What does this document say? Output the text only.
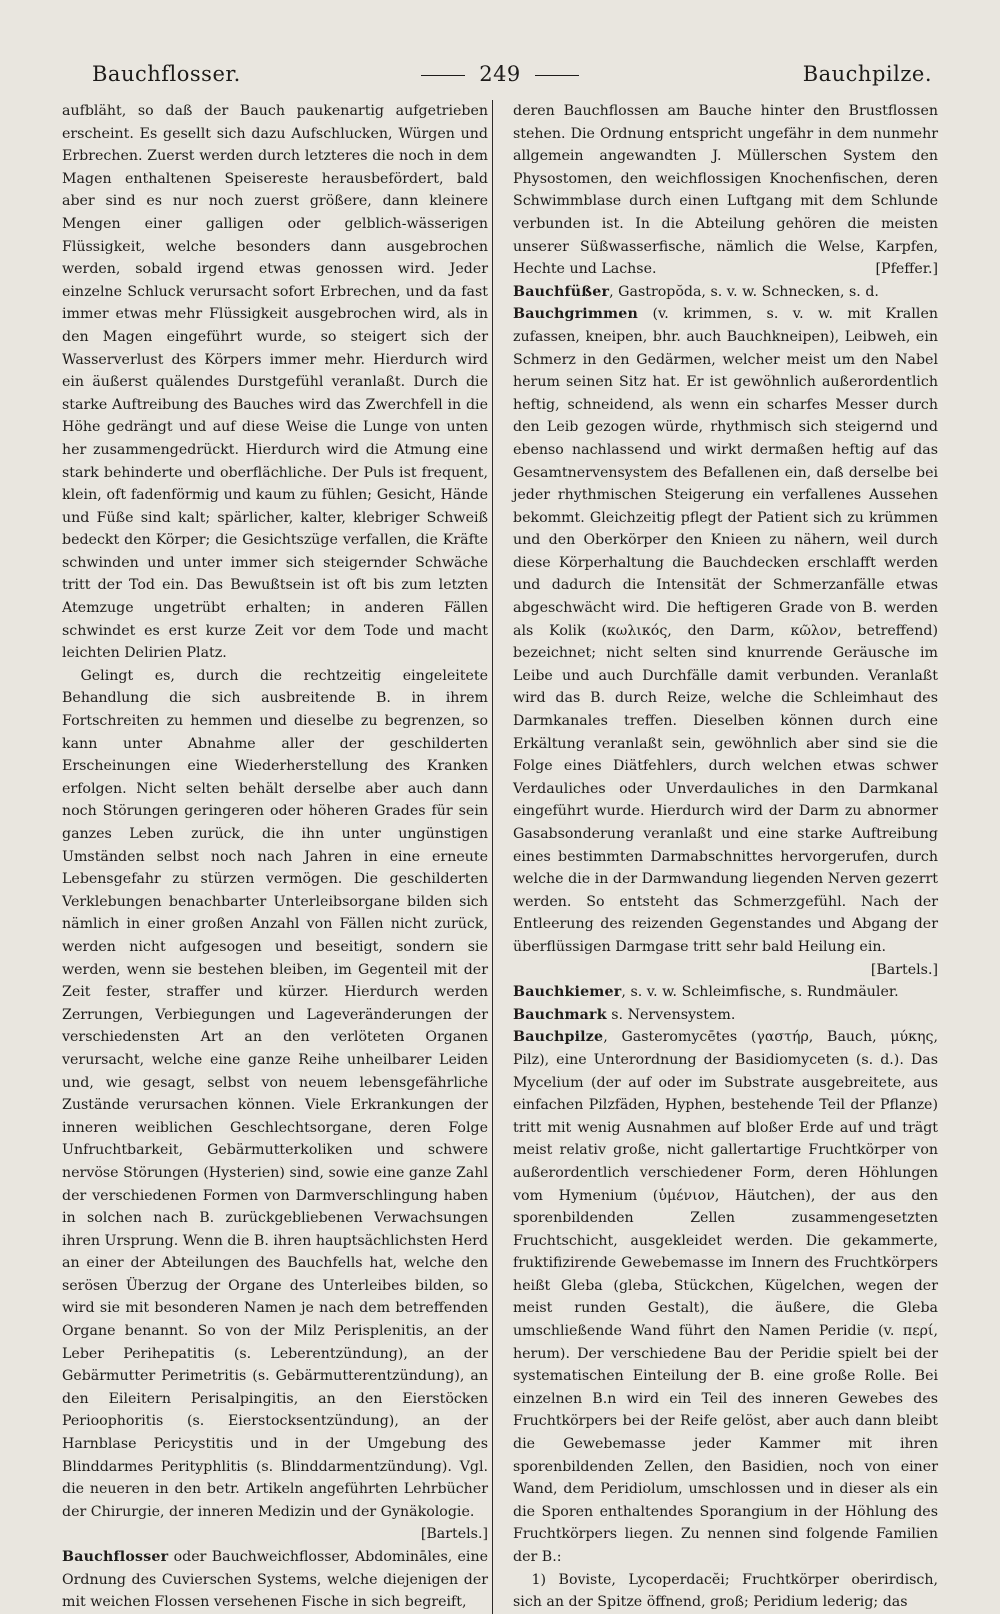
Bauchflosser.	249	Bauchpilze.

aufbläht, so daß der Bauch paukenartig aufgetrieben erscheint. Es gesellt sich dazu Aufschlucken, Würgen und Erbrechen. Zuerst werden durch letzteres die noch in dem Magen enthaltenen Speisereste herausbefördert, bald aber sind es nur noch zuerst größere, dann kleinere Mengen einer galligen oder gelblich-wässerigen Flüssigkeit, welche besonders dann ausgebrochen werden, sobald irgend etwas genossen wird. Jeder einzelne Schluck verursacht sofort Erbrechen, und da fast immer etwas mehr Flüssigkeit ausgebrochen wird, als in den Magen eingeführt wurde, so steigert sich der Wasserverlust des Körpers immer mehr. Hierdurch wird ein äußerst quälendes Durstgefühl veranlaßt. Durch die starke Auftreibung des Bauches wird das Zwerchfell in die Höhe gedrängt und auf diese Weise die Lunge von unten her zusammengedrückt. Hierdurch wird die Atmung eine stark behinderte und oberflächliche. Der Puls ist frequent, klein, oft fadenförmig und kaum zu fühlen; Gesicht, Hände und Füße sind kalt; spärlicher, kalter, klebriger Schweiß bedeckt den Körper; die Gesichtszüge verfallen, die Kräfte schwinden und unter immer sich steigernder Schwäche tritt der Tod ein. Das Bewußtsein ist oft bis zum letzten Atemzuge ungetrübt erhalten; in anderen Fällen schwindet es erst kurze Zeit vor dem Tode und macht leichten Delirien Platz.

Gelingt es, durch die rechtzeitig eingeleitete Behandlung die sich ausbreitende B. in ihrem Fortschreiten zu hemmen und dieselbe zu begrenzen, so kann unter Abnahme aller der geschilderten Erscheinungen eine Wiederherstellung des Kranken erfolgen. Nicht selten behält derselbe aber auch dann noch Störungen geringeren oder höheren Grades für sein ganzes Leben zurück, die ihn unter ungünstigen Umständen selbst noch nach Jahren in eine erneute Lebensgefahr zu stürzen vermögen. Die geschilderten Verklebungen benachbarter Unterleibsorgane bilden sich nämlich in einer großen Anzahl von Fällen nicht zurück, werden nicht aufgesogen und beseitigt, sondern sie werden, wenn sie bestehen bleiben, im Gegenteil mit der Zeit fester, straffer und kürzer. Hierdurch werden Zerrungen, Verbiegungen und Lageveränderungen der verschiedensten Art an den verlöteten Organen verursacht, welche eine ganze Reihe unheilbarer Leiden und, wie gesagt, selbst von neuem lebensgefährliche Zustände verursachen können. Viele Erkrankungen der inneren weiblichen Geschlechtsorgane, deren Folge Unfruchtbarkeit, Gebärmutterkoliken und schwere nervöse Störungen (Hysterien) sind, sowie eine ganze Zahl der verschiedenen Formen von Darmverschlingung haben in solchen nach B. zurückgebliebenen Verwachsungen ihren Ursprung. Wenn die B. ihren hauptsächlichsten Herd an einer der Abteilungen des Bauchfells hat, welche den serösen Überzug der Organe des Unterleibes bilden, so wird sie mit besonderen Namen je nach dem betreffenden Organe benannt. So von der Milz Perisplenitis, an der Leber Perihepatitis (s. Leberentzündung), an der Gebärmutter Perimetritis (s. Gebärmutterentzündung), an den Eileitern Perisalpingitis, an den Eierstöcken Perioophoritis (s. Eierstocksentzündung), an der Harnblase Pericystitis und in der Umgebung des Blinddarmes Perityphlitis (s. Blinddarmentzündung). Vgl. die neueren in den betr. Artikeln angeführten Lehrbücher der Chirurgie, der inneren Medizin und der Gynäkologie.
[Bartels.]

Bauchflosser oder Bauchweichflosser, Abdomināles, eine Ordnung des Cuvierschen Systems, welche diejenigen der mit weichen Flossen versehenen Fische in sich begreift,

deren Bauchflossen am Bauche hinter den Brustflossen stehen. Die Ordnung entspricht ungefähr in dem nunmehr allgemein angewandten J. Müllerschen System den Physostomen, den weichflossigen Knochenfischen, deren Schwimmblase durch einen Luftgang mit dem Schlunde verbunden ist. In die Abteilung gehören die meisten unserer Süßwasserfische, nämlich die Welse, Karpfen, Hechte und Lachse.	[Pfeffer.]

Bauchfüßer, Gastropŏda, s. v. w. Schnecken, s. d.

Bauchgrimmen (v. krimmen, s. v. w. mit Krallen zufassen, kneipen, bhr. auch Bauchkneipen), Leibweh, ein Schmerz in den Gedärmen, welcher meist um den Nabel herum seinen Sitz hat. Er ist gewöhnlich außerordentlich heftig, schneidend, als wenn ein scharfes Messer durch den Leib gezogen würde, rhythmisch sich steigernd und ebenso nachlassend und wirkt dermaßen heftig auf das Gesamtnervensystem des Befallenen ein, daß derselbe bei jeder rhythmischen Steigerung ein verfallenes Aussehen bekommt. Gleichzeitig pflegt der Patient sich zu krümmen und den Oberkörper den Knieen zu nähern, weil durch diese Körperhaltung die Bauchdecken erschlafft werden und dadurch die Intensität der Schmerzanfälle etwas abgeschwächt wird. Die heftigeren Grade von B. werden als Kolik (κωλικός, den Darm, κῶλον, betreffend) bezeichnet; nicht selten sind knurrende Geräusche im Leibe und auch Durchfälle damit verbunden. Veranlaßt wird das B. durch Reize, welche die Schleimhaut des Darmkanales treffen. Dieselben können durch eine Erkältung veranlaßt sein, gewöhnlich aber sind sie die Folge eines Diätfehlers, durch welchen etwas schwer Verdauliches oder Unverdauliches in den Darmkanal eingeführt wurde. Hierdurch wird der Darm zu abnormer Gasabsonderung veranlaßt und eine starke Auftreibung eines bestimmten Darmabschnittes hervorgerufen, durch welche die in der Darmwandung liegenden Nerven gezerrt werden. So entsteht das Schmerzgefühl. Nach der Entleerung des reizenden Gegenstandes und Abgang der überflüssigen Darmgase tritt sehr bald Heilung ein.
[Bartels.]

Bauchkiemer, s. v. w. Schleimfische, s. Rundmäuler.

Bauchmark s. Nervensystem.

Bauchpilze, Gasteromycētes (γαστήρ, Bauch, μύκης, Pilz), eine Unterordnung der Basidiomyceten (s. d.). Das Mycelium (der auf oder im Substrate ausgebreitete, aus einfachen Pilzfäden, Hyphen, bestehende Teil der Pflanze) tritt mit wenig Ausnahmen auf bloßer Erde auf und trägt meist relativ große, nicht gallertartige Fruchtkörper von außerordentlich verschiedener Form, deren Höhlungen vom Hymenium (ὑμένιον, Häutchen), der aus den sporenbildenden Zellen zusammengesetzten Fruchtschicht, ausgekleidet werden. Die gekammerte, fruktifizirende Gewebemasse im Innern des Fruchtkörpers heißt Gleba (gleba, Stückchen, Kügelchen, wegen der meist runden Gestalt), die äußere, die Gleba umschließende Wand führt den Namen Peridie (v. περί, herum). Der verschiedene Bau der Peridie spielt bei der systematischen Einteilung der B. eine große Rolle. Bei einzelnen B.n wird ein Teil des inneren Gewebes des Fruchtkörpers bei der Reife gelöst, aber auch dann bleibt die Gewebemasse jeder Kammer mit ihren sporenbildenden Zellen, den Basidien, noch von einer Wand, dem Peridiolum, umschlossen und in dieser als ein die Sporen enthaltendes Sporangium in der Höhlung des Fruchtkörpers liegen. Zu nennen sind folgende Familien der B.:

1) Boviste, Lycoperdacĕi; Fruchtkörper oberirdisch, sich an der Spitze öffnend, groß; Peridium lederig; das
